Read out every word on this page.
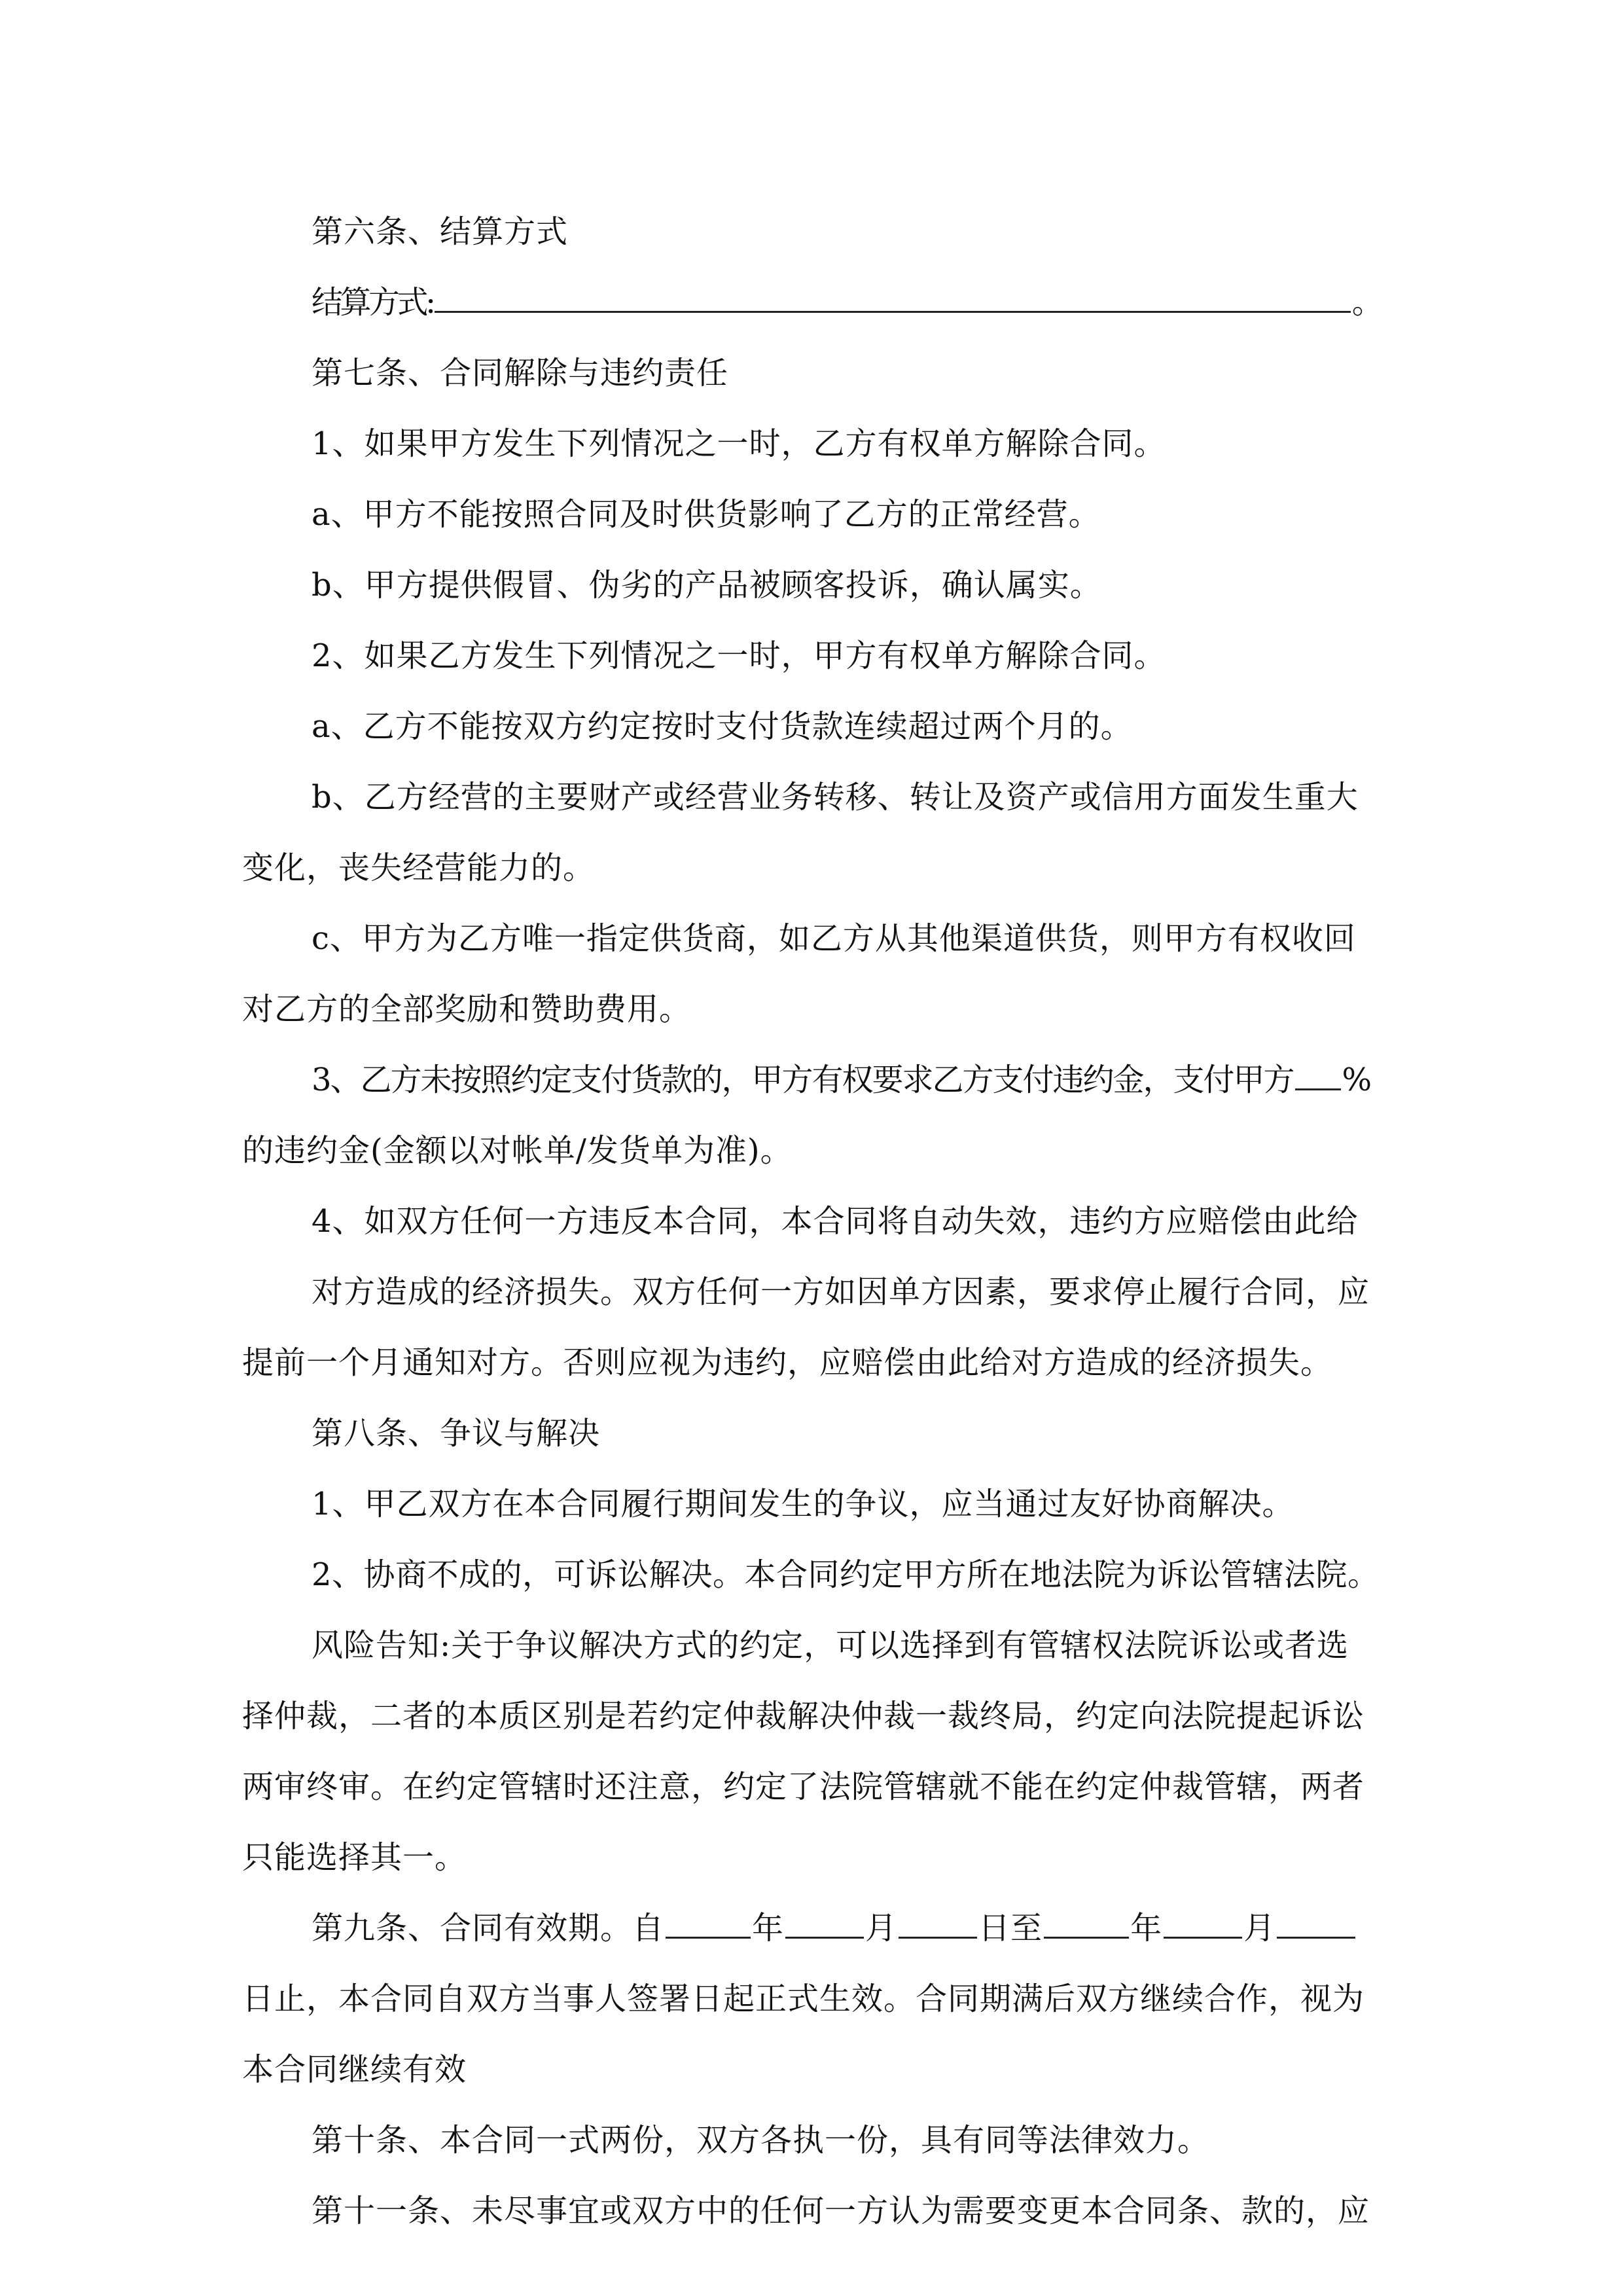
第六条、结算方式
结算方式:	。
第七条、合同解除与违约责任
1、如果甲方发生下列情况之一时，乙方有权单方解除合同。
a、甲方不能按照合同及时供货影响了乙方的正常经营。
b、甲方提供假冒、伪劣的产品被顾客投诉，确认属实。
2、如果乙方发生下列情况之一时，甲方有权单方解除合同。
a、乙方不能按双方约定按时支付货款连续超过两个月的。
b、乙方经营的主要财产或经营业务转移、转让及资产或信用方面发生重大
变化，丧失经营能力的。
c、甲方为乙方唯一指定供货商，如乙方从其他渠道供货，则甲方有权收回
对乙方的全部奖励和赞助费用。
3、乙方未按照约定支付货款的，甲方有权要求乙方支付违约金，支付甲方 %
的违约金(金额以对帐单/发货单为准)。
4、如双方任何一方违反本合同，本合同将自动失效，违约方应赔偿由此给
对方造成的经济损失。双方任何一方如因单方因素，要求停止履行合同，应
提前一个月通知对方。否则应视为违约，应赔偿由此给对方造成的经济损失。
第八条、争议与解决
1、甲乙双方在本合同履行期间发生的争议，应当通过友好协商解决。
2、协商不成的，可诉讼解决。本合同约定甲方所在地法院为诉讼管辖法院。
风险告知:关于争议解决方式的约定，可以选择到有管辖权法院诉讼或者选
择仲裁，二者的本质区别是若约定仲裁解决仲裁一裁终局，约定向法院提起诉讼
两审终审。在约定管辖时还注意，约定了法院管辖就不能在约定仲裁管辖，两者
只能选择其一。
第九条、合同有效期。自	年	月	日至	年	月
日止，本合同自双方当事人签署日起正式生效。合同期满后双方继续合作，视为
本合同继续有效
第十条、本合同一式两份，双方各执一份，具有同等法律效力。
第十一条、未尽事宜或双方中的任何一方认为需要变更本合同条、款的，应
